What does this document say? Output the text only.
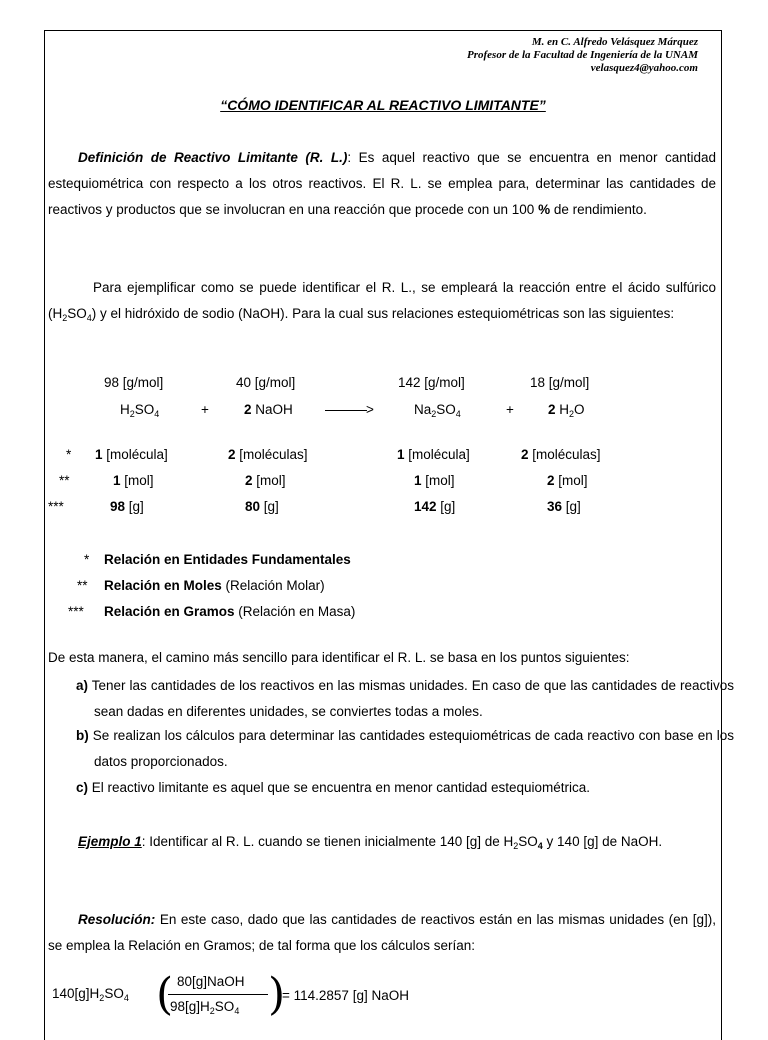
M. en C. Alfredo Velásquez Márquez
Profesor de la Facultad de Ingeniería de la UNAM
velasquez4@yahoo.com
“CÓMO IDENTIFICAR AL REACTIVO LIMITANTE”
Definición de Reactivo Limitante (R. L.): Es aquel reactivo que se encuentra en menor cantidad estequiométrica con respecto a los otros reactivos. El R. L. se emplea para, determinar las cantidades de reactivos y productos que se involucran en una reacción que procede con un 100 % de rendimiento.
Para ejemplificar como se puede identificar el R. L., se empleará la reacción entre el ácido sulfúrico $(H_2SO_4)$ y el hidróxido de sodio (NaOH). Para la cual sus relaciones estequiométricas son las siguientes:
98 [g/mol]	40 [g/mol]	142 [g/mol]	18 [g/mol]
$H_2SO_4$	+	2 NaOH	>	$Na_2SO_4$	+	2 $H_2O$
* 1 [molécula]	2 [moléculas]	1 [molécula]	2 [moléculas]
**	1 [mol]	2 [mol]	1 [mol]	2 [mol]
***	98 [g]	80 [g]	142 [g]	36 [g]
* Relación en Entidades Fundamentales
** Relación en Moles (Relación Molar)
*** Relación en Gramos (Relación en Masa)
De esta manera, el camino más sencillo para identificar el R. L. se basa en los puntos siguientes:
a) Tener las cantidades de los reactivos en las mismas unidades. En caso de que las cantidades de reactivos sean dadas en diferentes unidades, se conviertes todas a moles.
b) Se realizan los cálculos para determinar las cantidades estequiométricas de cada reactivo con base en los datos proporcionados.
c) El reactivo limitante es aquel que se encuentra en menor cantidad estequiométrica.
Ejemplo 1: Identificar al R. L. cuando se tienen inicialmente 140 [g] de $H_2SO_4$ y 140 [g] de NaOH.
Resolución: En este caso, dado que las cantidades de reactivos están en las mismas unidades (en [g]), se emplea la Relación en Gramos; de tal forma que los cálculos serían:
$140[g]H_2SO_4$ ( 80[g]NaOH
$98[g]H_2SO_4$ )
= 114.2857 [g] NaOH
